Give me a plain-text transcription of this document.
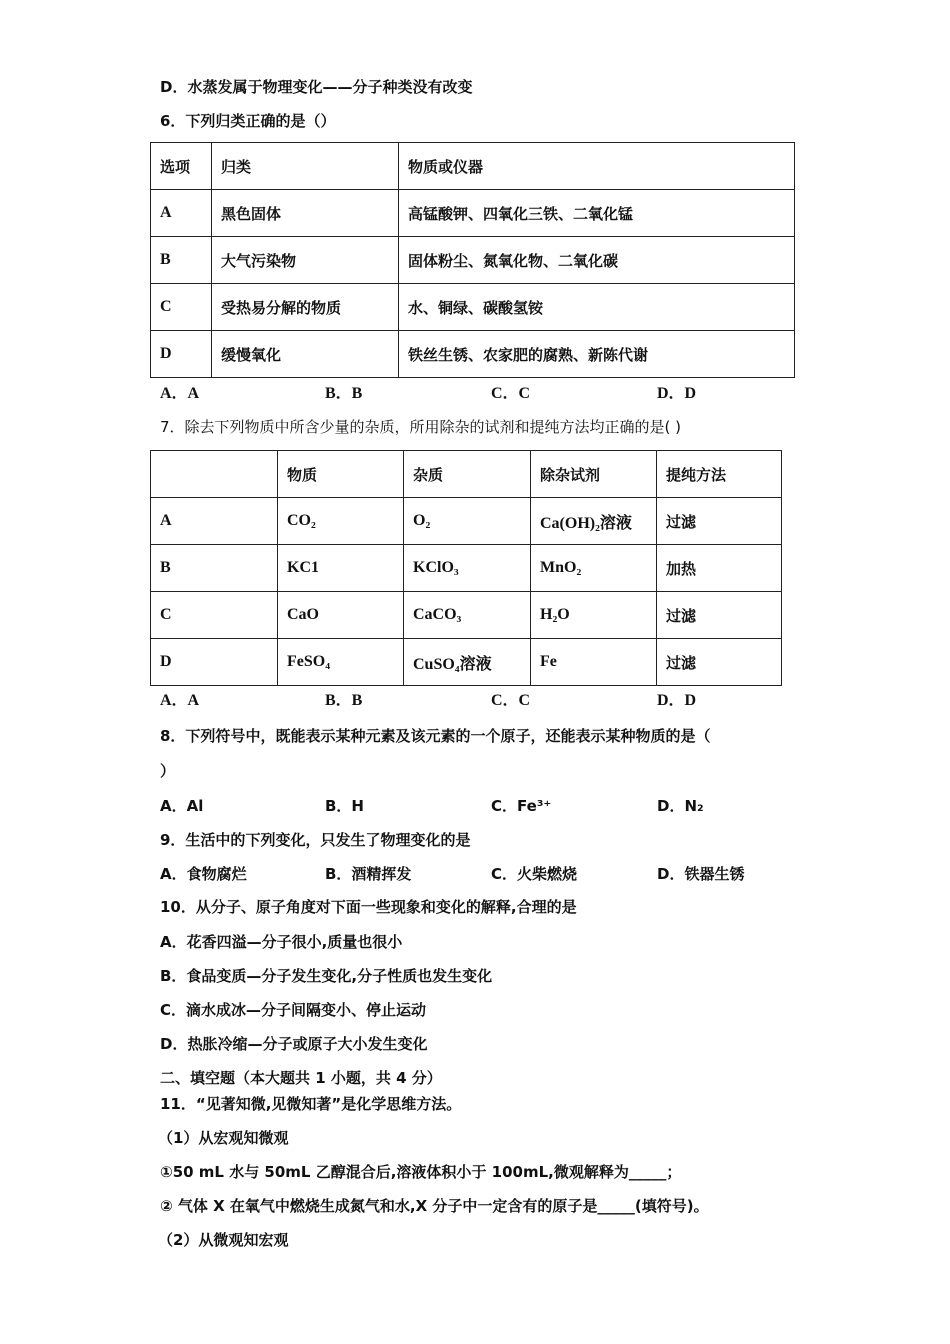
D．水蒸发属于物理变化——分子种类没有改变
6．下列归类正确的是（）
选项	归类	物质或仪器
A	黑色固体	高锰酸钾、四氧化三铁、二氧化锰
B	大气污染物	固体粉尘、氮氧化物、二氧化碳
C	受热易分解的物质	水、铜绿、碳酸氢铵
D	缓慢氧化	铁丝生锈、农家肥的腐熟、新陈代谢
A．A	B．B	C．C	D．D
7．除去下列物质中所含少量的杂质，所用除杂的试剂和提纯方法均正确的是( )
	物质	杂质	除杂试剂	提纯方法
A	CO₂	O₂	Ca(OH)₂溶液	过滤
B	KC1	KClO₃	MnO₂	加热
C	CaO	CaCO₃	H₂O	过滤
D	FeSO₄	CuSO₄溶液	Fe	过滤
A．A	B．B	C．C	D．D
8．下列符号中，既能表示某种元素及该元素的一个原子，还能表示某种物质的是（
）
A．Al	B．H	C．Fe³⁺	D．N₂
9．生活中的下列变化，只发生了物理变化的是
A．食物腐烂	B．酒精挥发	C．火柴燃烧	D．铁器生锈
10．从分子、原子角度对下面一些现象和变化的解释,合理的是
A．花香四溢—分子很小,质量也很小
B．食品变质—分子发生变化,分子性质也发生变化
C．滴水成冰—分子间隔变小、停止运动
D．热胀冷缩—分子或原子大小发生变化
二、填空题（本大题共 1 小题，共 4 分）
11．“见著知微,见微知著”是化学思维方法。
（1）从宏观知微观
①50 mL 水与 50mL 乙醇混合后,溶液体积小于 100mL,微观解释为_____；
② 气体 X 在氧气中燃烧生成氮气和水,X 分子中一定含有的原子是_____(填符号)。
（2）从微观知宏观
